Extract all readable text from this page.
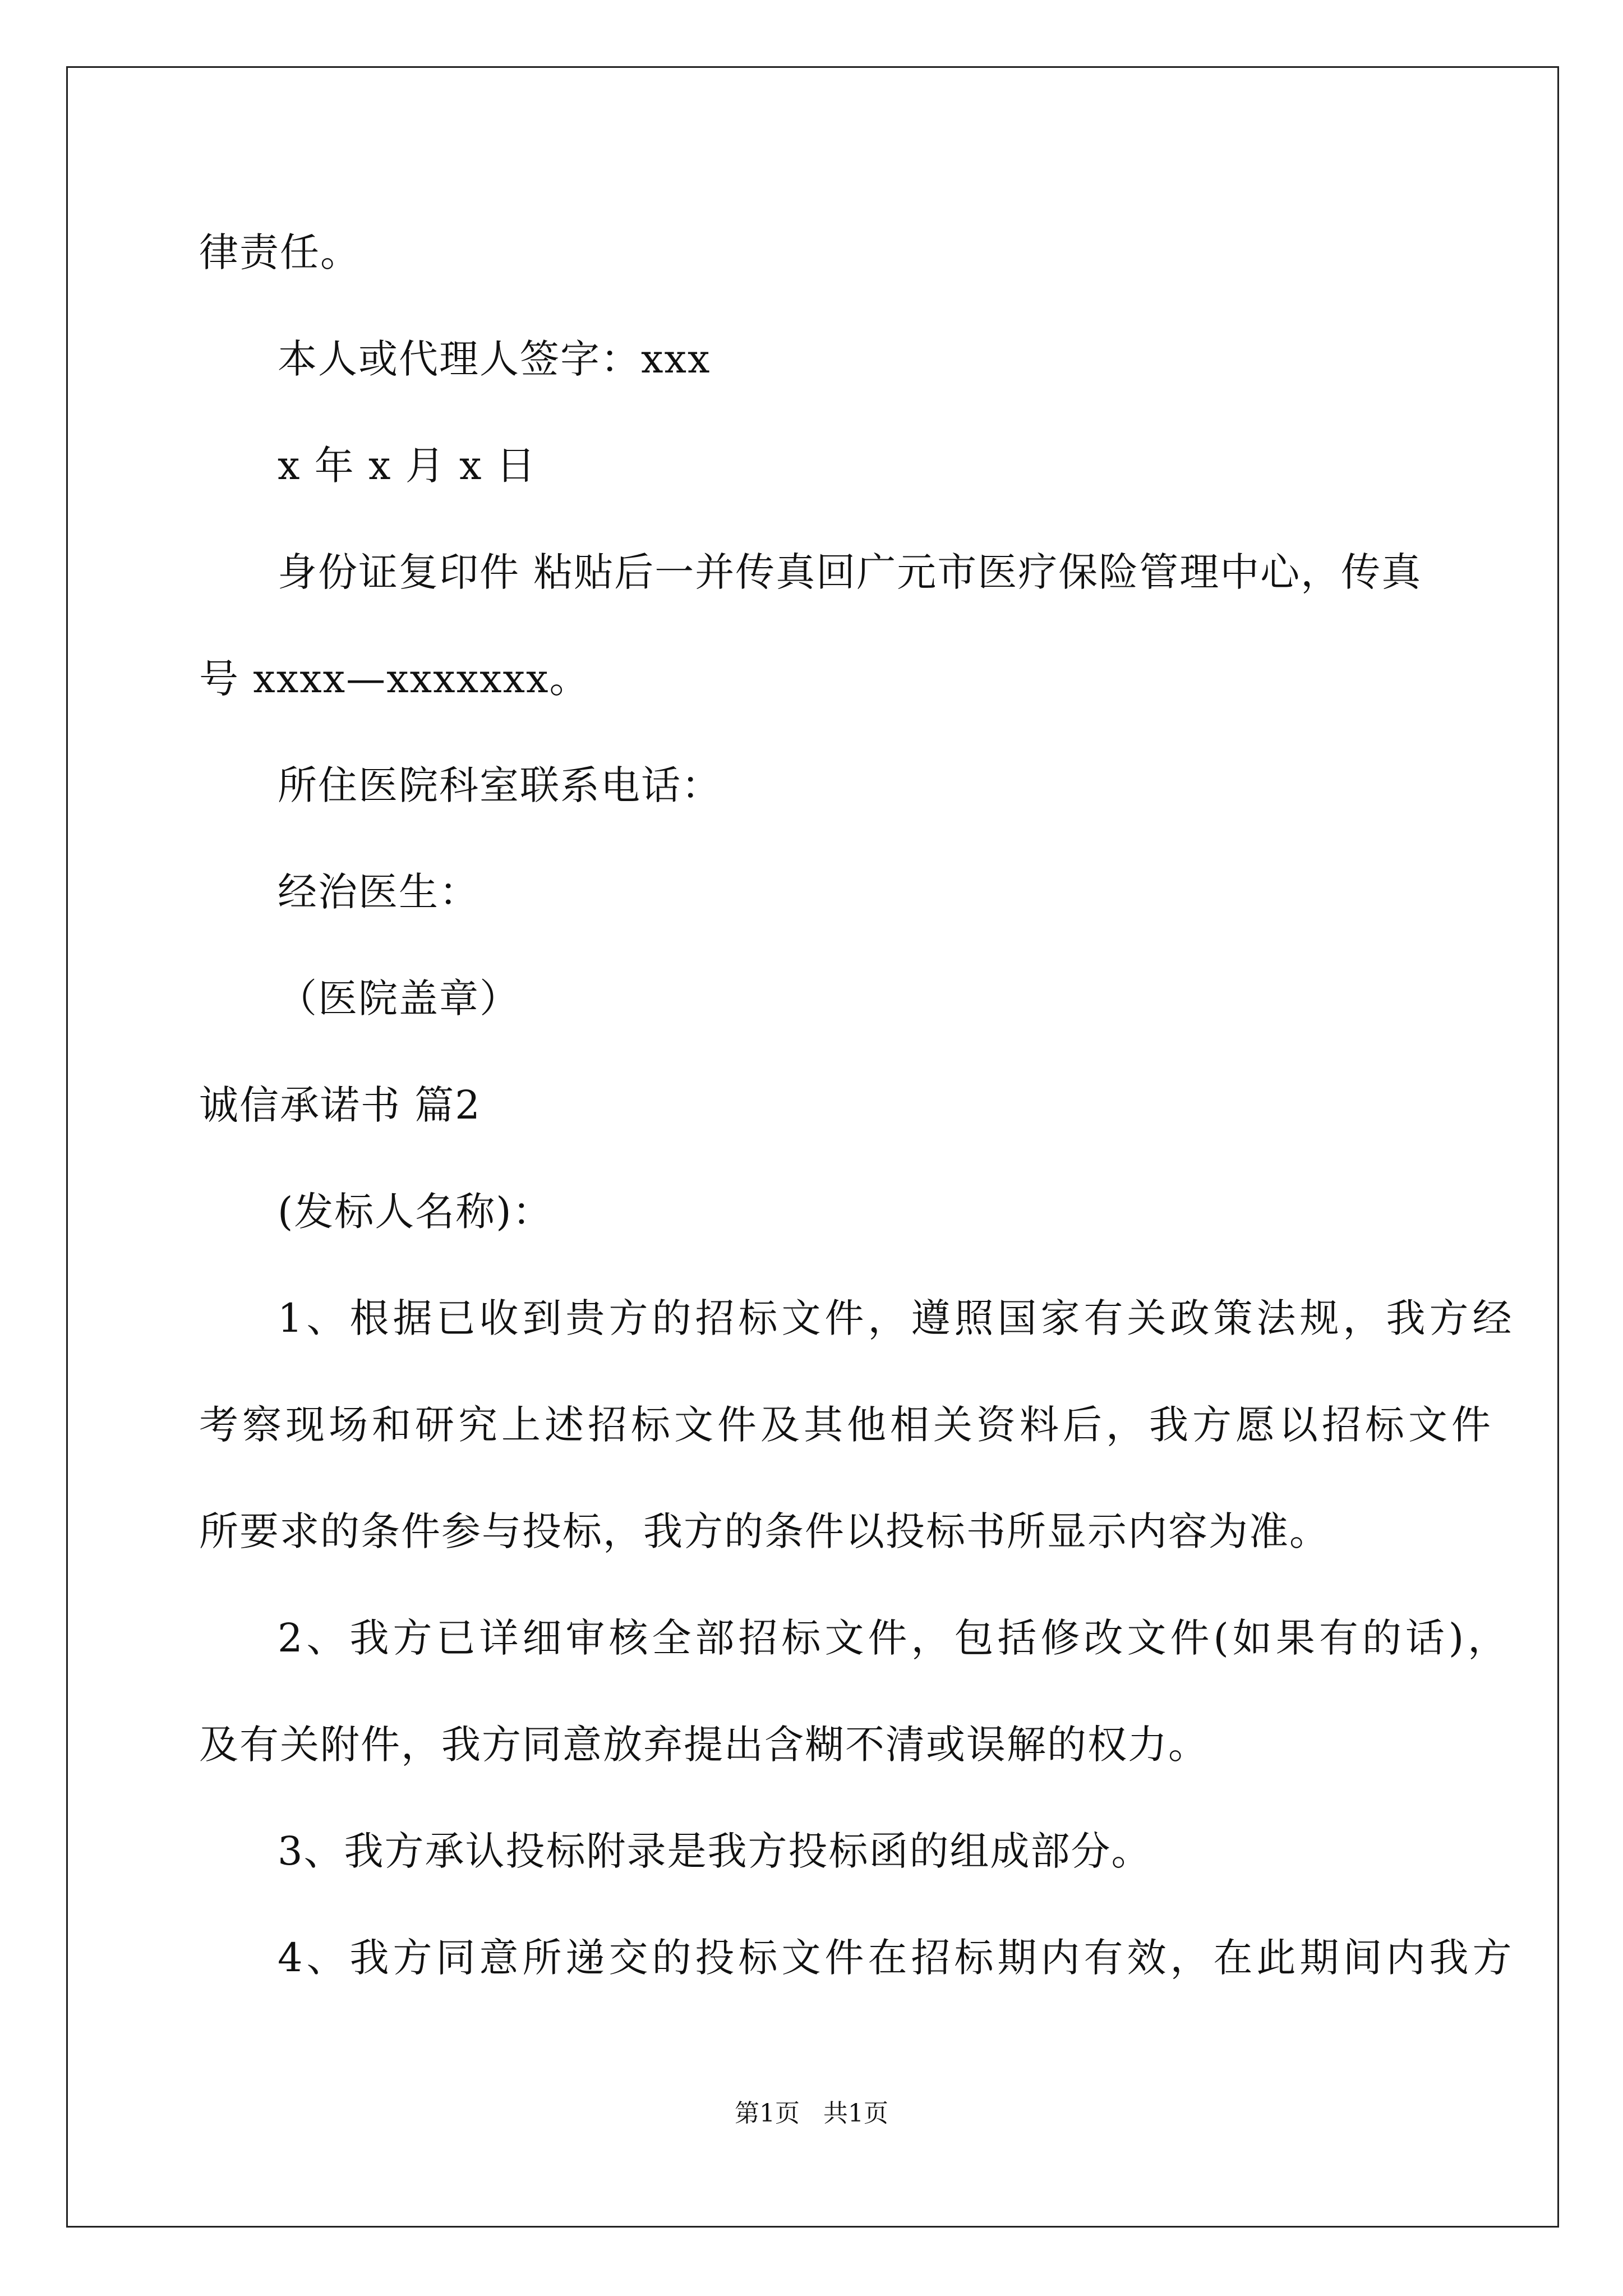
律责任。
本人或代理人签字：xxx
x 年 x 月 x 日
身份证复印件 粘贴后一并传真回广元市医疗保险管理中心，传真
号 xxxx—xxxxxxx。
所住医院科室联系电话：
经治医生：
（医院盖章）
诚信承诺书 篇2
(发标人名称)：
1、根据已收到贵方的招标文件，遵照国家有关政策法规，我方经
考察现场和研究上述招标文件及其他相关资料后，我方愿以招标文件
所要求的条件参与投标，我方的条件以投标书所显示内容为准。
2、我方已详细审核全部招标文件，包括修改文件(如果有的话)，
及有关附件，我方同意放弃提出含糊不清或误解的权力。
3、我方承认投标附录是我方投标函的组成部分。
4、我方同意所递交的投标文件在招标期内有效，在此期间内我方
第1页   共1页
